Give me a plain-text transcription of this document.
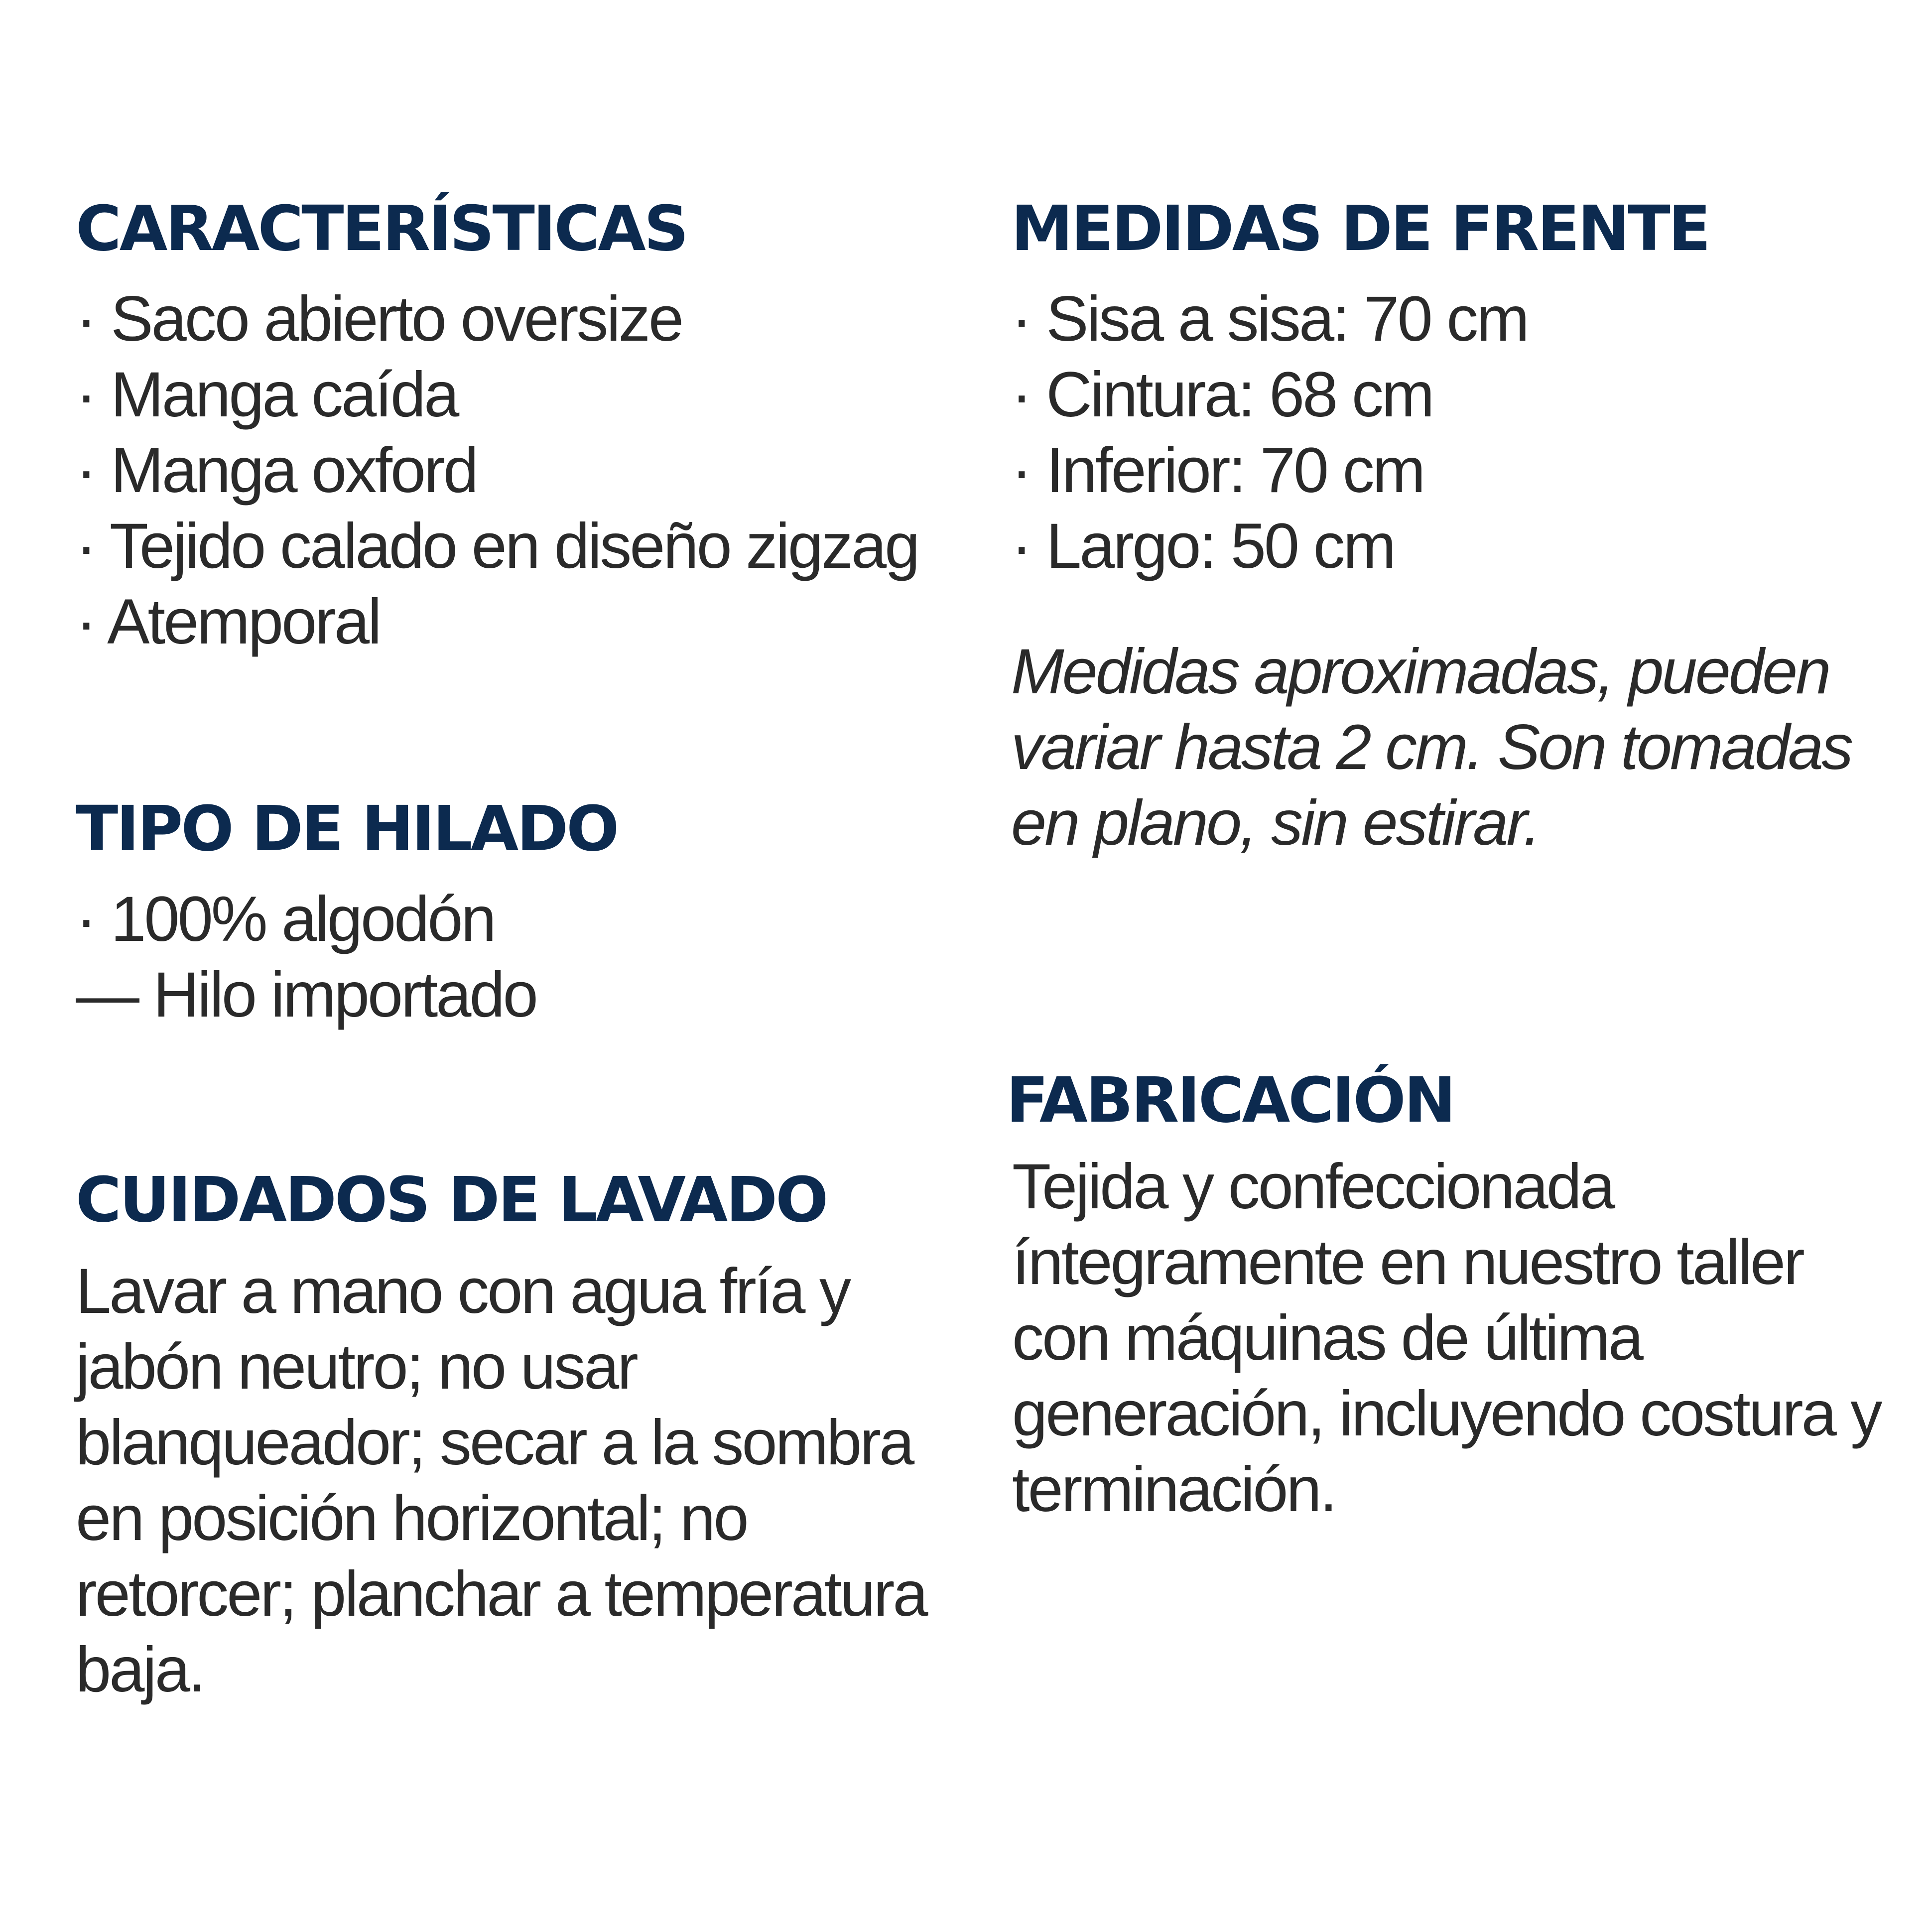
CARACTERÍSTICAS
· Saco abierto oversize
· Manga caída
· Manga oxford
· Tejido calado en diseño zigzag
· Atemporal
TIPO DE HILADO
· 100% algodón
— Hilo importado
CUIDADOS DE LAVADO

Lavar a mano con agua fría y jabón neutro; no usar blanqueador; secar a la sombra en posición horizontal; no retorcer; planchar a temperatura baja.

MEDIDAS DE FRENTE
· Sisa a sisa: 70 cm
· Cintura: 68 cm
· Inferior: 70 cm
· Largo: 50 cm

Medidas aproximadas, pueden variar hasta 2 cm. Son tomadas en plano, sin estirar.

FABRICACIÓN

Tejida y confeccionada íntegramente en nuestro taller con máquinas de última generación, incluyendo costura y terminación.
